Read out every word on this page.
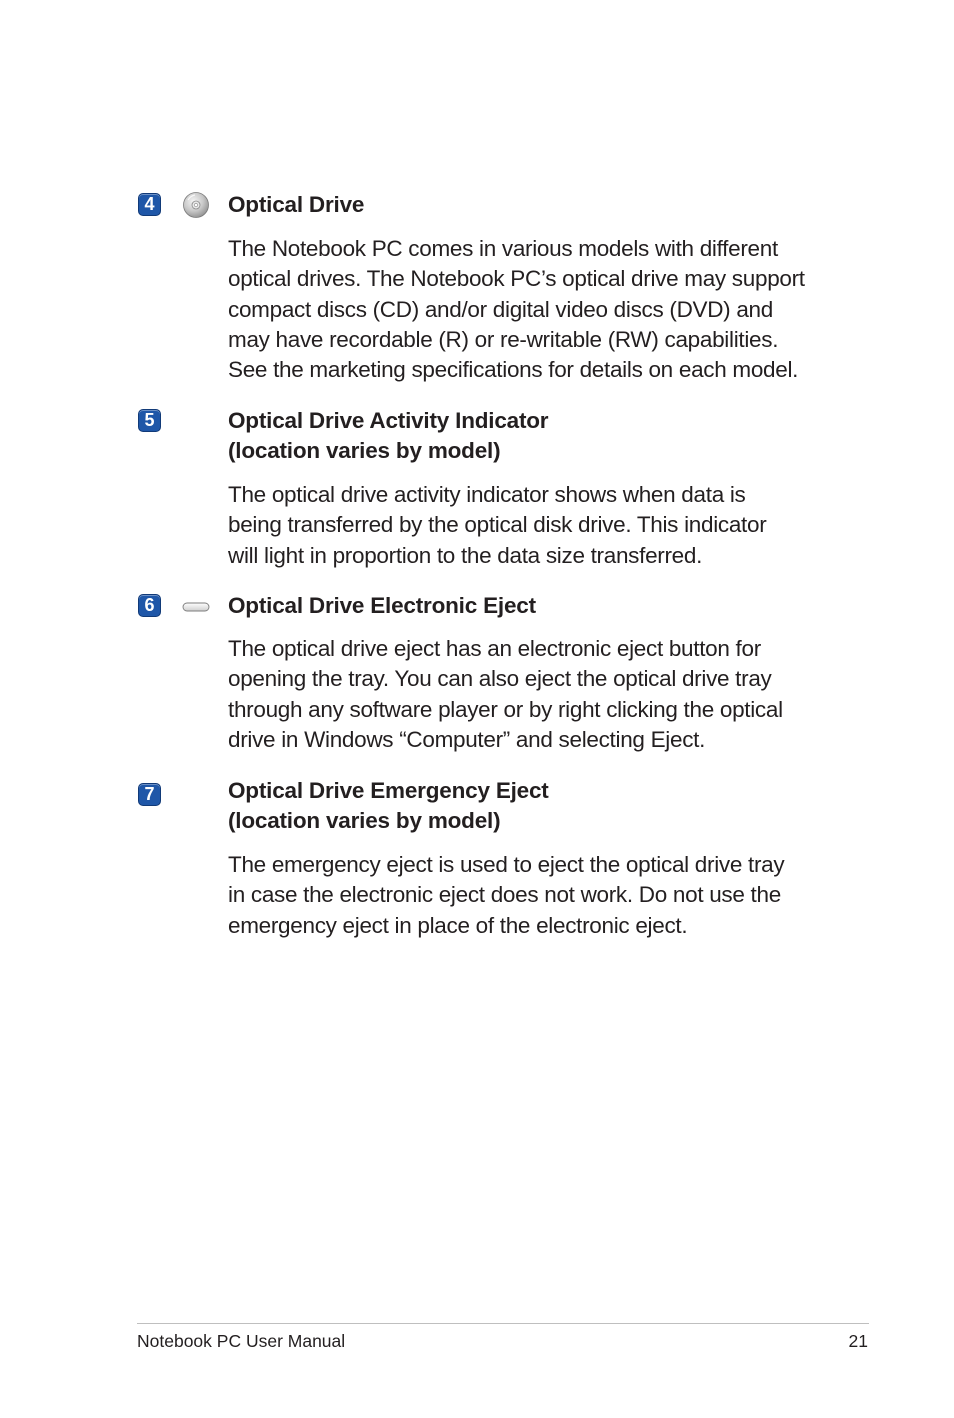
4	Optical Drive
The Notebook PC comes in various models with different
optical drives. The Notebook PC’s optical drive may support
compact discs (CD) and/or digital video discs (DVD) and
may have recordable (R) or re-writable (RW) capabilities.
See the marketing specifications for details on each model.
5	Optical Drive Activity Indicator
(location varies by model)
The optical drive activity indicator shows when data is
being transferred by the optical disk drive. This indicator
will light in proportion to the data size transferred.
6	Optical Drive Electronic Eject
The optical drive eject has an electronic eject button for
opening the tray. You can also eject the optical drive tray
through any software player or by right clicking the optical
drive in Windows “Computer” and selecting Eject.
7	Optical Drive Emergency Eject
(location varies by model)
The emergency eject is used to eject the optical drive tray
in case the electronic eject does not work. Do not use the
emergency eject in place of the electronic eject.
Notebook PC User Manual	21
